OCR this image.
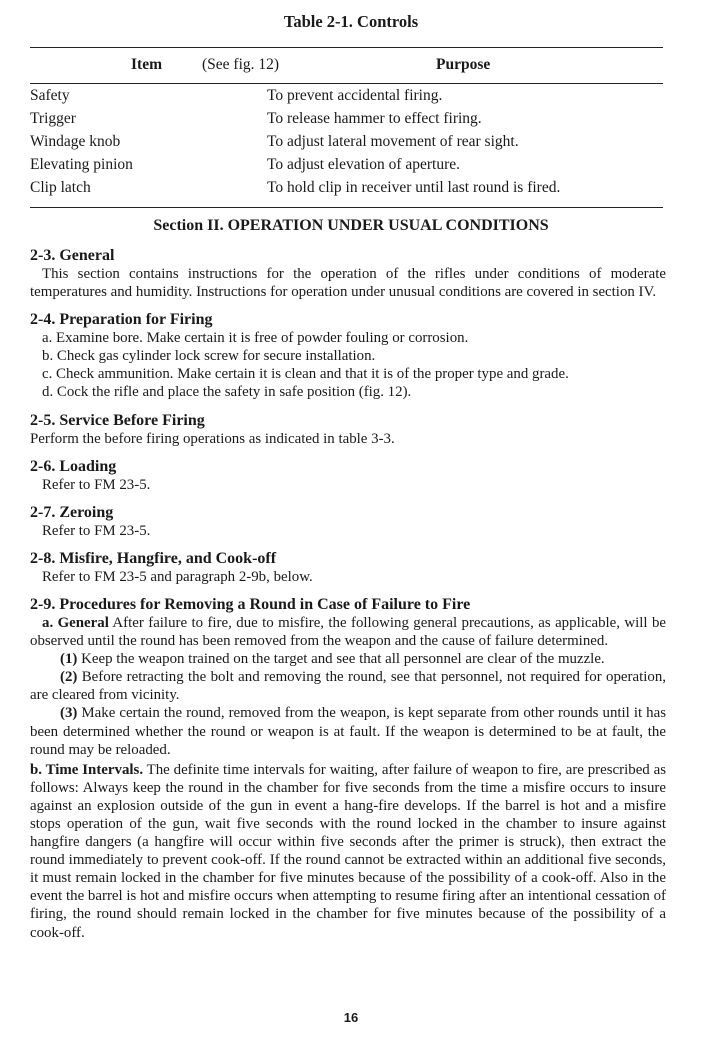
Table 2-1. Controls
Item	(See fig. 12)	Purpose
Safety	To prevent accidental firing.
Trigger	To release hammer to effect firing.
Windage knob	To adjust lateral movement of rear sight.
Elevating pinion	To adjust elevation of aperture.
Clip latch	To hold clip in receiver until last round is fired.
Section II. OPERATION UNDER USUAL CONDITIONS
2-3. General
This section contains instructions for the operation of the rifles under conditions of moderate temperatures and humidity. Instructions for operation under unusual conditions are covered in section IV.
2-4. Preparation for Firing
a. Examine bore. Make certain it is free of powder fouling or corrosion.
b. Check gas cylinder lock screw for secure installation.
c. Check ammunition. Make certain it is clean and that it is of the proper type and grade.
d. Cock the rifle and place the safety in safe position (fig. 12).
2-5. Service Before Firing
Perform the before firing operations as indicated in table 3-3.
2-6. Loading
Refer to FM 23-5.
2-7. Zeroing
Refer to FM 23-5.
2-8. Misfire, Hangfire, and Cook-off
Refer to FM 23-5 and paragraph 2-9b, below.
2-9. Procedures for Removing a Round in Case of Failure to Fire
a. General After failure to fire, due to misfire, the following general precautions, as applicable, will be observed until the round has been removed from the weapon and the cause of failure determined.
(1) Keep the weapon trained on the target and see that all personnel are clear of the muzzle.
(2) Before retracting the bolt and removing the round, see that personnel, not required for operation, are cleared from vicinity.
(3) Make certain the round, removed from the weapon, is kept separate from other rounds until it has been determined whether the round or weapon is at fault. If the weapon is determined to be at fault, the round may be reloaded.
b. Time Intervals. The definite time intervals for waiting, after failure of weapon to fire, are prescribed as follows: Always keep the round in the chamber for five seconds from the time a misfire occurs to insure against an explosion outside of the gun in event a hang-fire develops. If the barrel is hot and a misfire stops operation of the gun, wait five seconds with the round locked in the chamber to insure against hangfire dangers (a hangfire will occur within five seconds after the primer is struck), then extract the round immediately to prevent cook-off. If the round cannot be extracted within an additional five seconds, it must remain locked in the chamber for five minutes because of the possibility of a cook-off. Also in the event the barrel is hot and misfire occurs when attempting to resume firing after an intentional cessation of firing, the round should remain locked in the chamber for five minutes because of the possibility of a cook-off.
16
